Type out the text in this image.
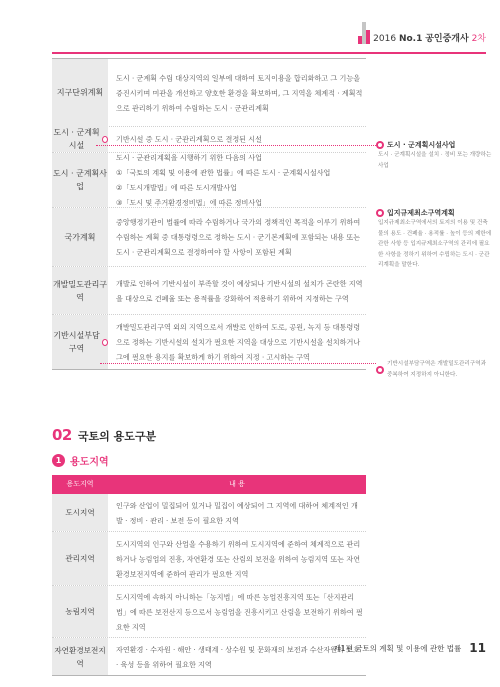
2016 No.1 공인중개사 2차
지구단위계획
도시 · 군계획 수립 대상지역의 일부에 대하여 토지이용을 합리화하고 그 기능을 증진시키며 미관을 개선하고 양호한 환경을 확보하며, 그 지역을 체계적 · 계획적으로 관리하기 위하여 수립하는 도시 · 군관리계획
도시 · 군계획시설
기반시설 중 도시 · 군관리계획으로 결정된 시설
도시 · 군계획사업
도시 · 군관리계획을 시행하기 위한 다음의 사업
①「국토의 계획 및 이용에 관한 법률」에 따른 도시 · 군계획시설사업
②「도시개발법」에 따른 도시개발사업
③「도시 및 주거환경정비법」에 따른 정비사업
국가계획
중앙행정기관이 법률에 따라 수립하거나 국가의 정책적인 목적을 이루기 위하여 수립하는 계획 중 대통령령으로 정하는 도시 · 군기본계획에 포함되는 내용 또는 도시 · 군관리계획으로 결정하여야 할 사항이 포함된 계획
개발밀도관리구역
개발로 인하여 기반시설이 부족할 것이 예상되나 기반시설의 설치가 곤란한 지역을 대상으로 건폐율 또는 용적률을 강화하여 적용하기 위하여 지정하는 구역
기반시설부담구역
개발밀도관리구역 외의 지역으로서 개발로 인하여 도로, 공원, 녹지 등 대통령령으로 정하는 기반시설의 설치가 필요한 지역을 대상으로 기반시설을 설치하거나 그에 필요한 용지를 확보하게 하기 위하여 지정 · 고시하는 구역
도시 · 군계획시설사업
도시 · 군계획시설을 설치 · 정비 또는 개량하는 사업
입지규제최소구역계획
입지규제최소구역에서의 토지의 이용 및 건축물의 용도 · 건폐율 · 용적률 · 높이 등의 제한에 관한 사항 등 입지규제최소구역의 관리에 필요한 사항을 정하기 위하여 수립하는 도시 · 군관리계획을 말한다.
기반시설부담구역은 개발밀도관리구역과 중복하여 지정하지 아니한다.
02 국토의 용도구분
1 용도지역
용도지역	내 용
도시지역
인구와 산업이 밀집되어 있거나 밀집이 예상되어 그 지역에 대하여 체계적인 개발 · 정비 · 관리 · 보전 등이 필요한 지역
관리지역
도시지역의 인구와 산업을 수용하기 위하여 도시지역에 준하여 체계적으로 관리하거나 농림업의 진흥, 자연환경 또는 산림의 보전을 위하여 농림지역 또는 자연환경보전지역에 준하여 관리가 필요한 지역
농림지역
도시지역에 속하지 아니하는「농지법」에 따른 농업진흥지역 또는「산지관리법」에 따른 보전산지 등으로서 농림업을 진흥시키고 산림을 보전하기 위하여 필요한 지역
자연환경보전지역
자연환경 · 수자원 · 해안 · 생태계 · 상수원 및 문화재의 보전과 수산자원의 보호 · 육성 등을 위하여 필요한 지역
제1편 국토의 계획 및 이용에 관한 법률 11
